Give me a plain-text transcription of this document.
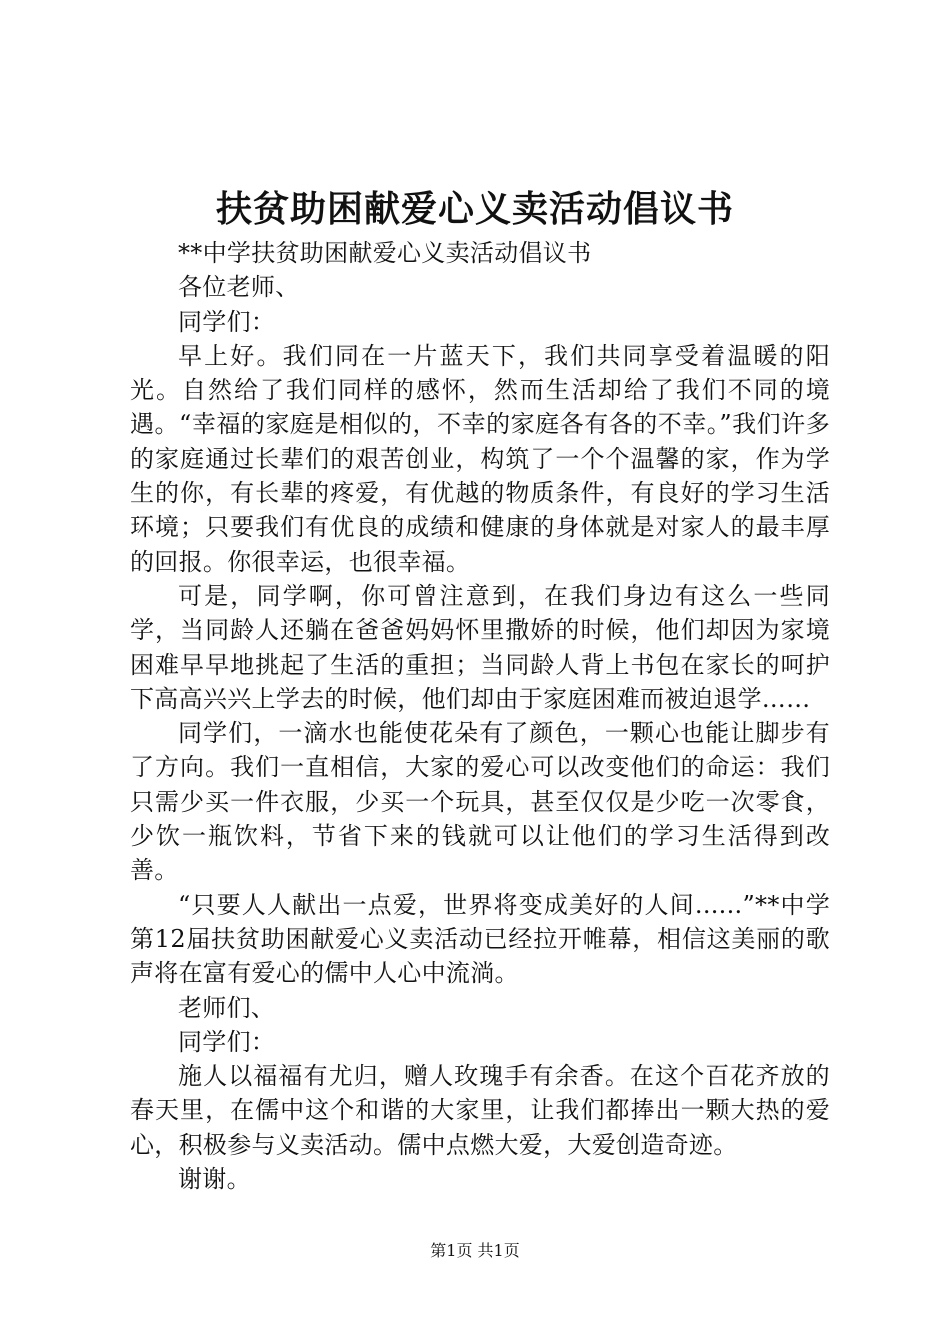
扶贫助困献爱心义卖活动倡议书

**中学扶贫助困献爱心义卖活动倡议书

各位老师、

同学们：

早上好。我们同在一片蓝天下，我们共同享受着温暖的阳光。自然给了我们同样的感怀，然而生活却给了我们不同的境遇。“幸福的家庭是相似的，不幸的家庭各有各的不幸。”我们许多的家庭通过长辈们的艰苦创业，构筑了一个个温馨的家，作为学生的你，有长辈的疼爱，有优越的物质条件，有良好的学习生活环境；只要我们有优良的成绩和健康的身体就是对家人的最丰厚的回报。你很幸运，也很幸福。

可是，同学啊，你可曾注意到，在我们身边有这么一些同学，当同龄人还躺在爸爸妈妈怀里撒娇的时候，他们却因为家境困难早早地挑起了生活的重担；当同龄人背上书包在家长的呵护下高高兴兴上学去的时候，他们却由于家庭困难而被迫退学……

同学们，一滴水也能使花朵有了颜色，一颗心也能让脚步有了方向。我们一直相信，大家的爱心可以改变他们的命运：我们只需少买一件衣服，少买一个玩具，甚至仅仅是少吃一次零食，少饮一瓶饮料，节省下来的钱就可以让他们的学习生活得到改善。

“只要人人献出一点爱，世界将变成美好的人间......”**中学第12届扶贫助困献爱心义卖活动已经拉开帷幕，相信这美丽的歌声将在富有爱心的儒中人心中流淌。

老师们、

同学们：

施人以福福有尤归，赠人玫瑰手有余香。在这个百花齐放的春天里，在儒中这个和谐的大家里，让我们都捧出一颗大热的爱心，积极参与义卖活动。儒中点燃大爱，大爱创造奇迹。

谢谢。

第1页 共1页
